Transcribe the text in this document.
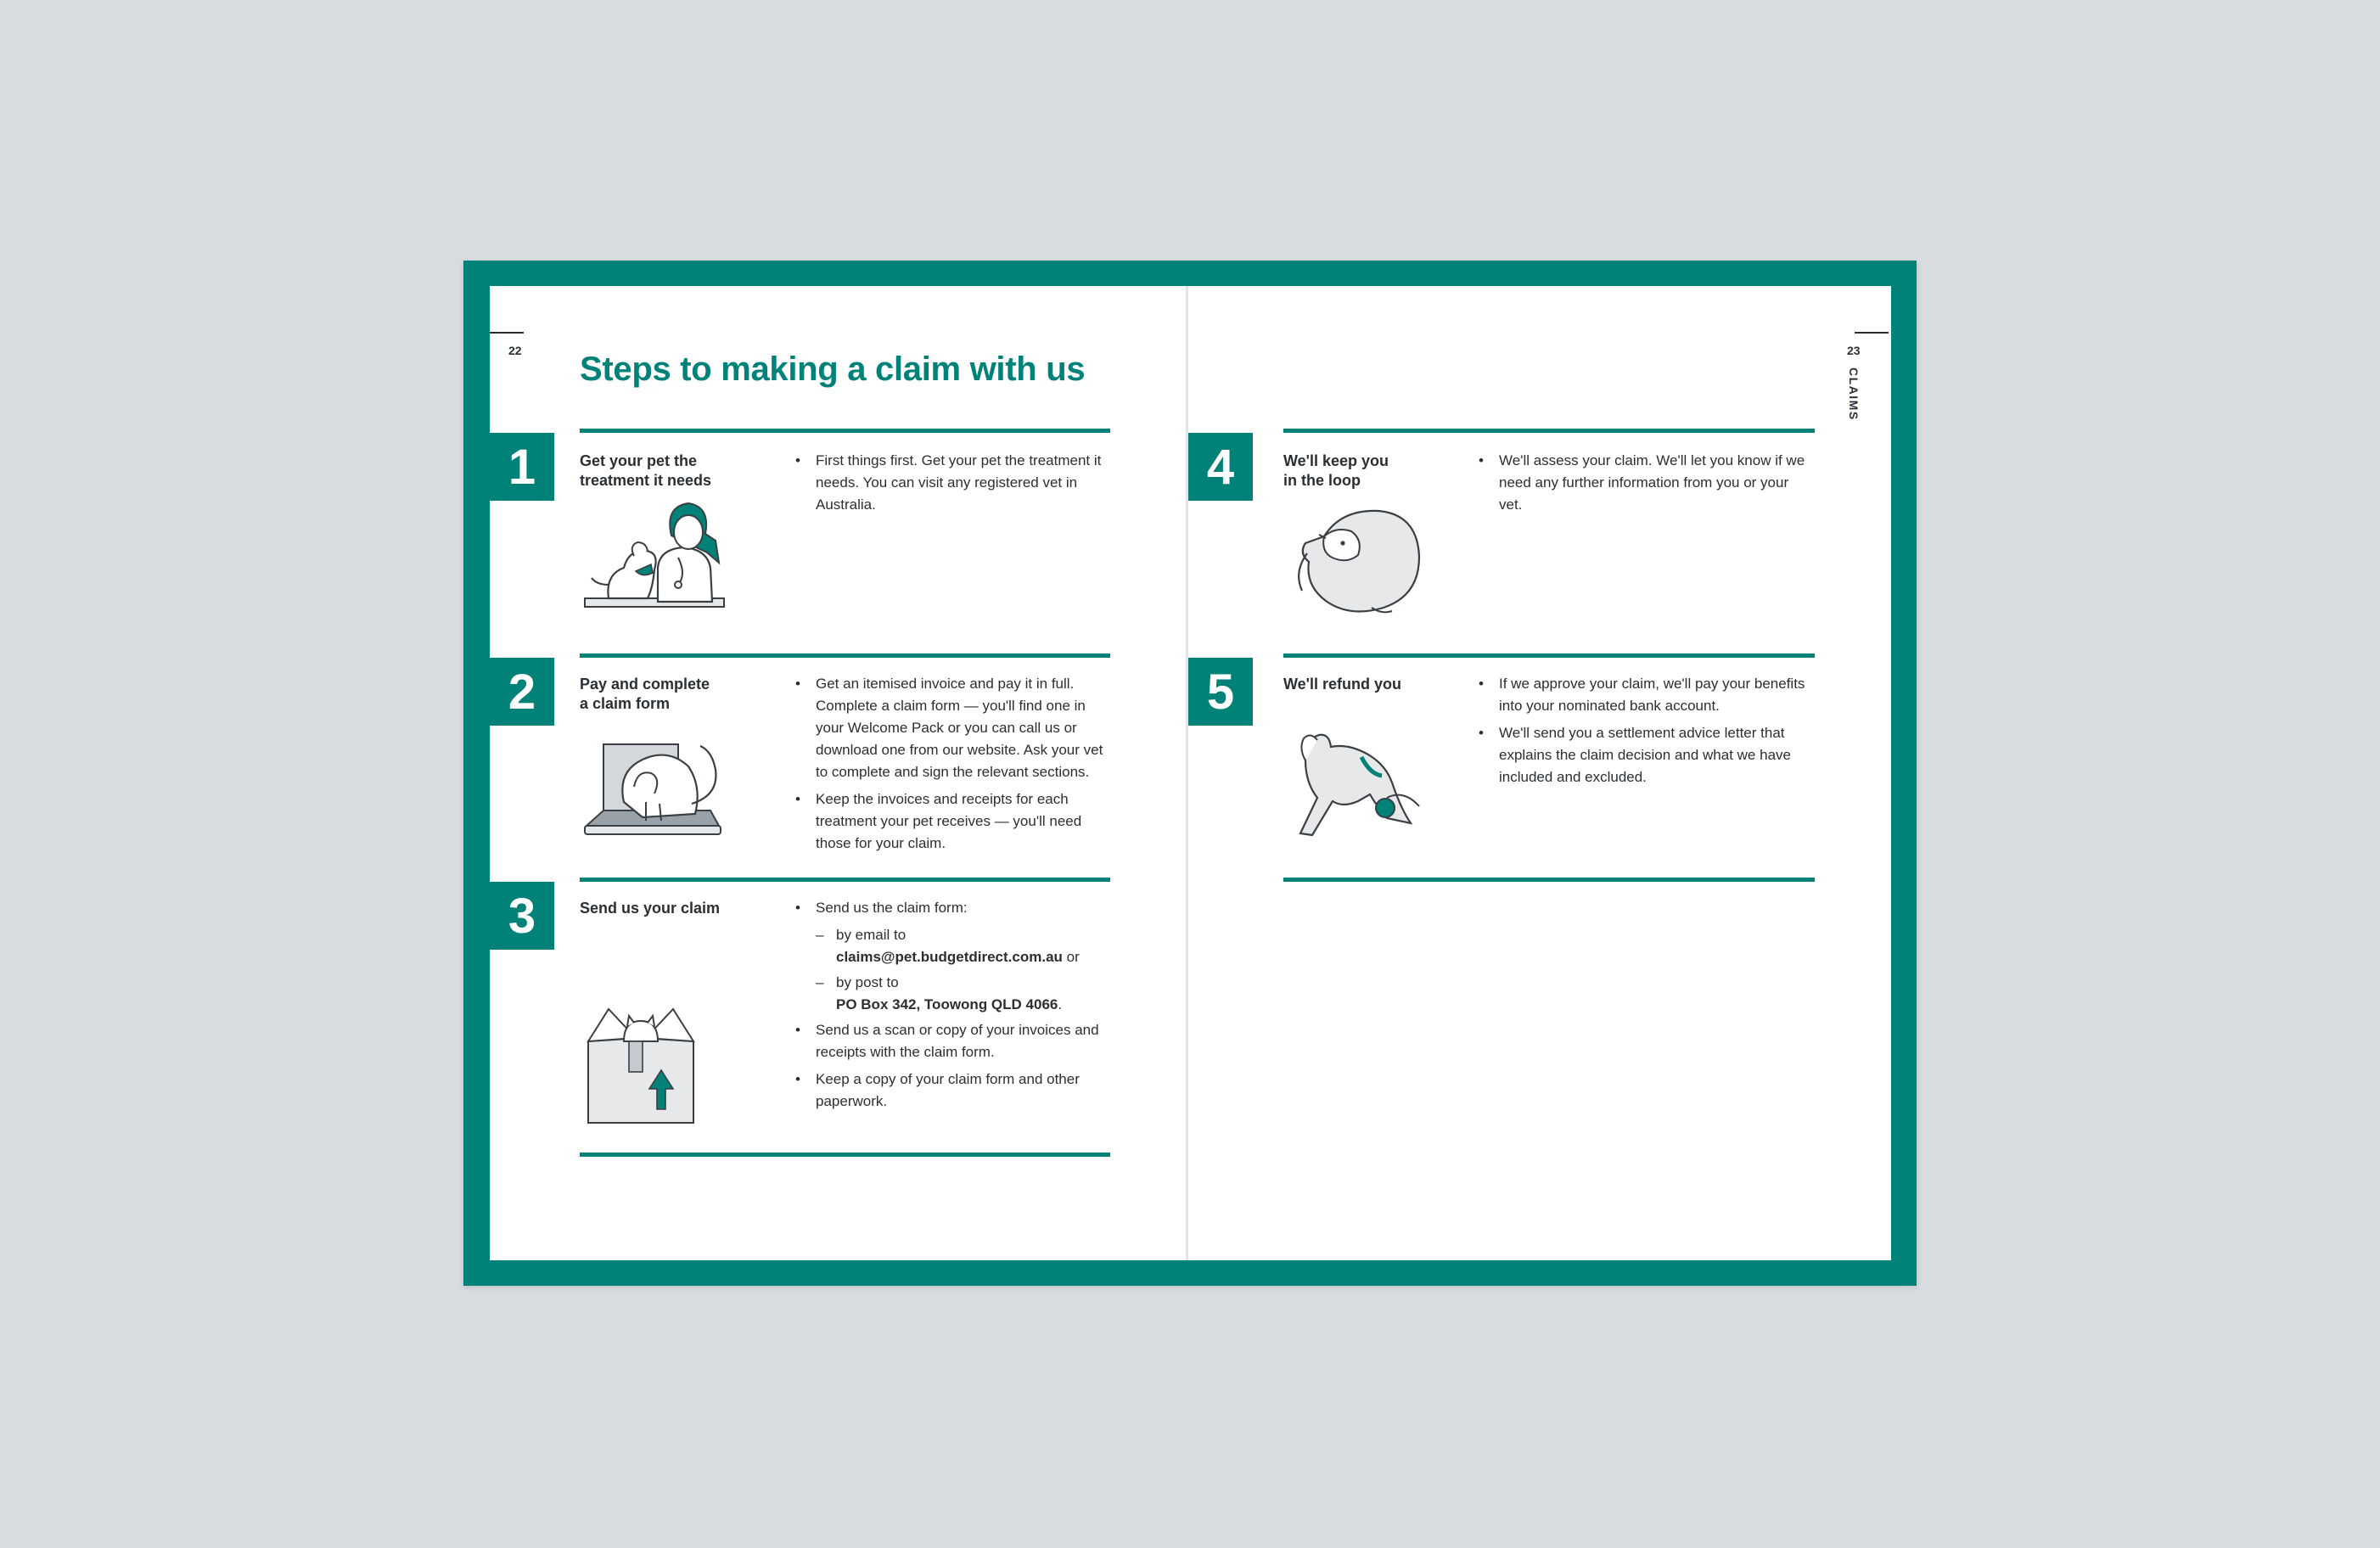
22 Steps to making a claim with us
1	Get your pet the
treatment it needs
• First things first. Get your pet the treatment it needs. You can visit any registered vet in Australia.
2	Pay and complete
a claim form
• Get an itemised invoice and pay it in full. Complete a claim form — you'll find one in your Welcome Pack or you can call us or download one from our website. Ask your vet to complete and sign the relevant sections.
• Keep the invoices and receipts for each treatment your pet receives — you'll need those for your claim.
3	Send us your claim	• Send us the claim form:
– by email to
claims@pet.budgetdirect.com.au or
– by post to
PO Box 342, Toowong QLD 4066.
• Send us a scan or copy of your invoices and receipts with the claim form.
• Keep a copy of your claim form and other paperwork.
23
CLAIMS
4	We'll keep you
in the loop
• We'll assess your claim. We'll let you know if we need any further information from you or your vet.
5	We'll refund you	• If we approve your claim, we'll pay your benefits into your nominated bank account.
• We'll send you a settlement advice letter that explains the claim decision and what we have included and excluded.
